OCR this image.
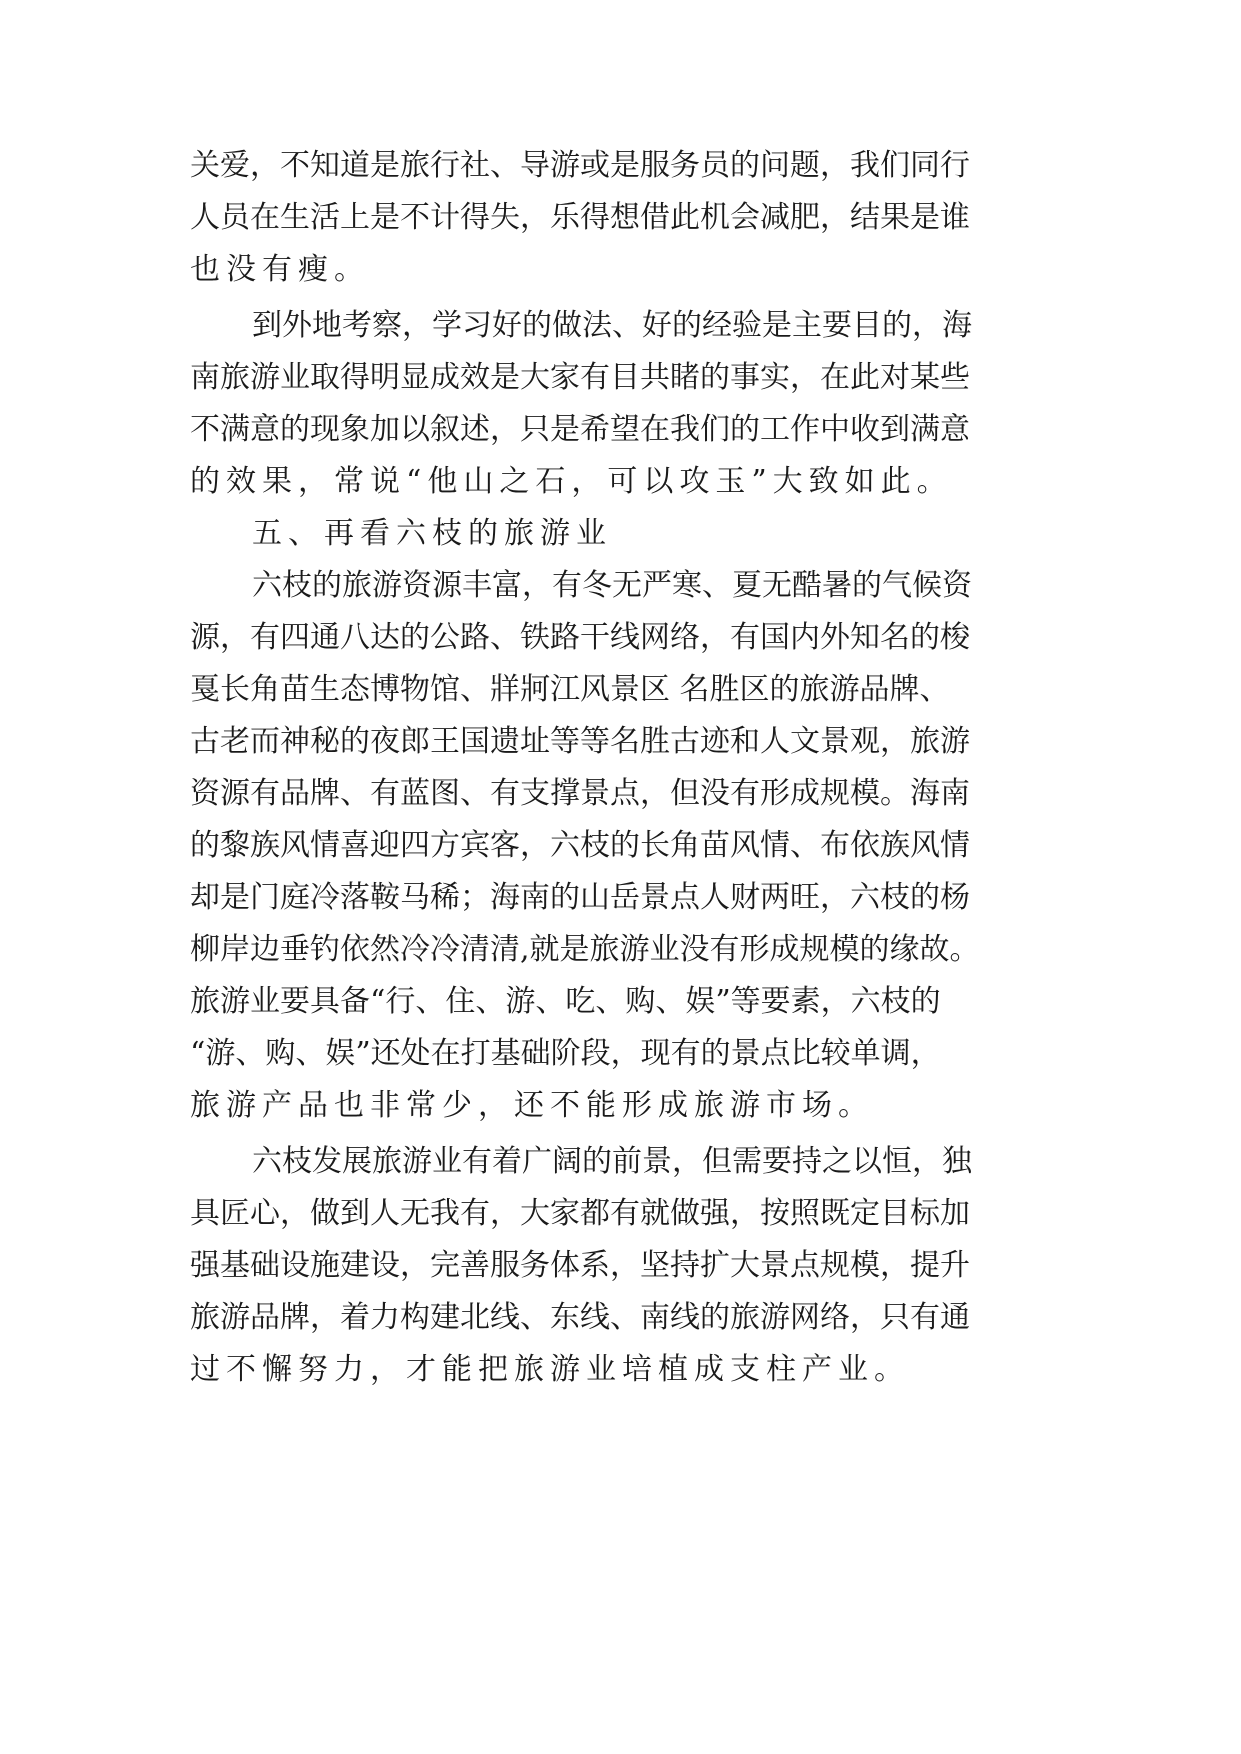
关爱，不知道是旅行社、导游或是服务员的问题，我们同行

人员在生活上是不计得失，乐得想借此机会减肥，结果是谁

也没有瘦。

到外地考察，学习好的做法、好的经验是主要目的，海

南旅游业取得明显成效是大家有目共睹的事实，在此对某些

不满意的现象加以叙述，只是希望在我们的工作中收到满意

的效果，常说“他山之石，可以攻玉”大致如此。

五、再看六枝的旅游业

六枝的旅游资源丰富，有冬无严寒、夏无酷暑的气候资

源，有四通八达的公路、铁路干线网络，有国内外知名的梭

戛长角苗生态博物馆、牂牁江风景区 名胜区的旅游品牌、

古老而神秘的夜郎王国遗址等等名胜古迹和人文景观，旅游

资源有品牌、有蓝图、有支撑景点，但没有形成规模。海南

的黎族风情喜迎四方宾客，六枝的长角苗风情、布依族风情

却是门庭冷落鞍马稀；海南的山岳景点人财两旺，六枝的杨

柳岸边垂钓依然冷冷清清,就是旅游业没有形成规模的缘故。

旅游业要具备“行、住、游、吃、购、娱”等要素，六枝的

“游、购、娱”还处在打基础阶段，现有的景点比较单调，

旅游产品也非常少，还不能形成旅游市场。

六枝发展旅游业有着广阔的前景，但需要持之以恒，独

具匠心，做到人无我有，大家都有就做强，按照既定目标加

强基础设施建设，完善服务体系，坚持扩大景点规模，提升

旅游品牌，着力构建北线、东线、南线的旅游网络，只有通

过不懈努力，才能把旅游业培植成支柱产业。
